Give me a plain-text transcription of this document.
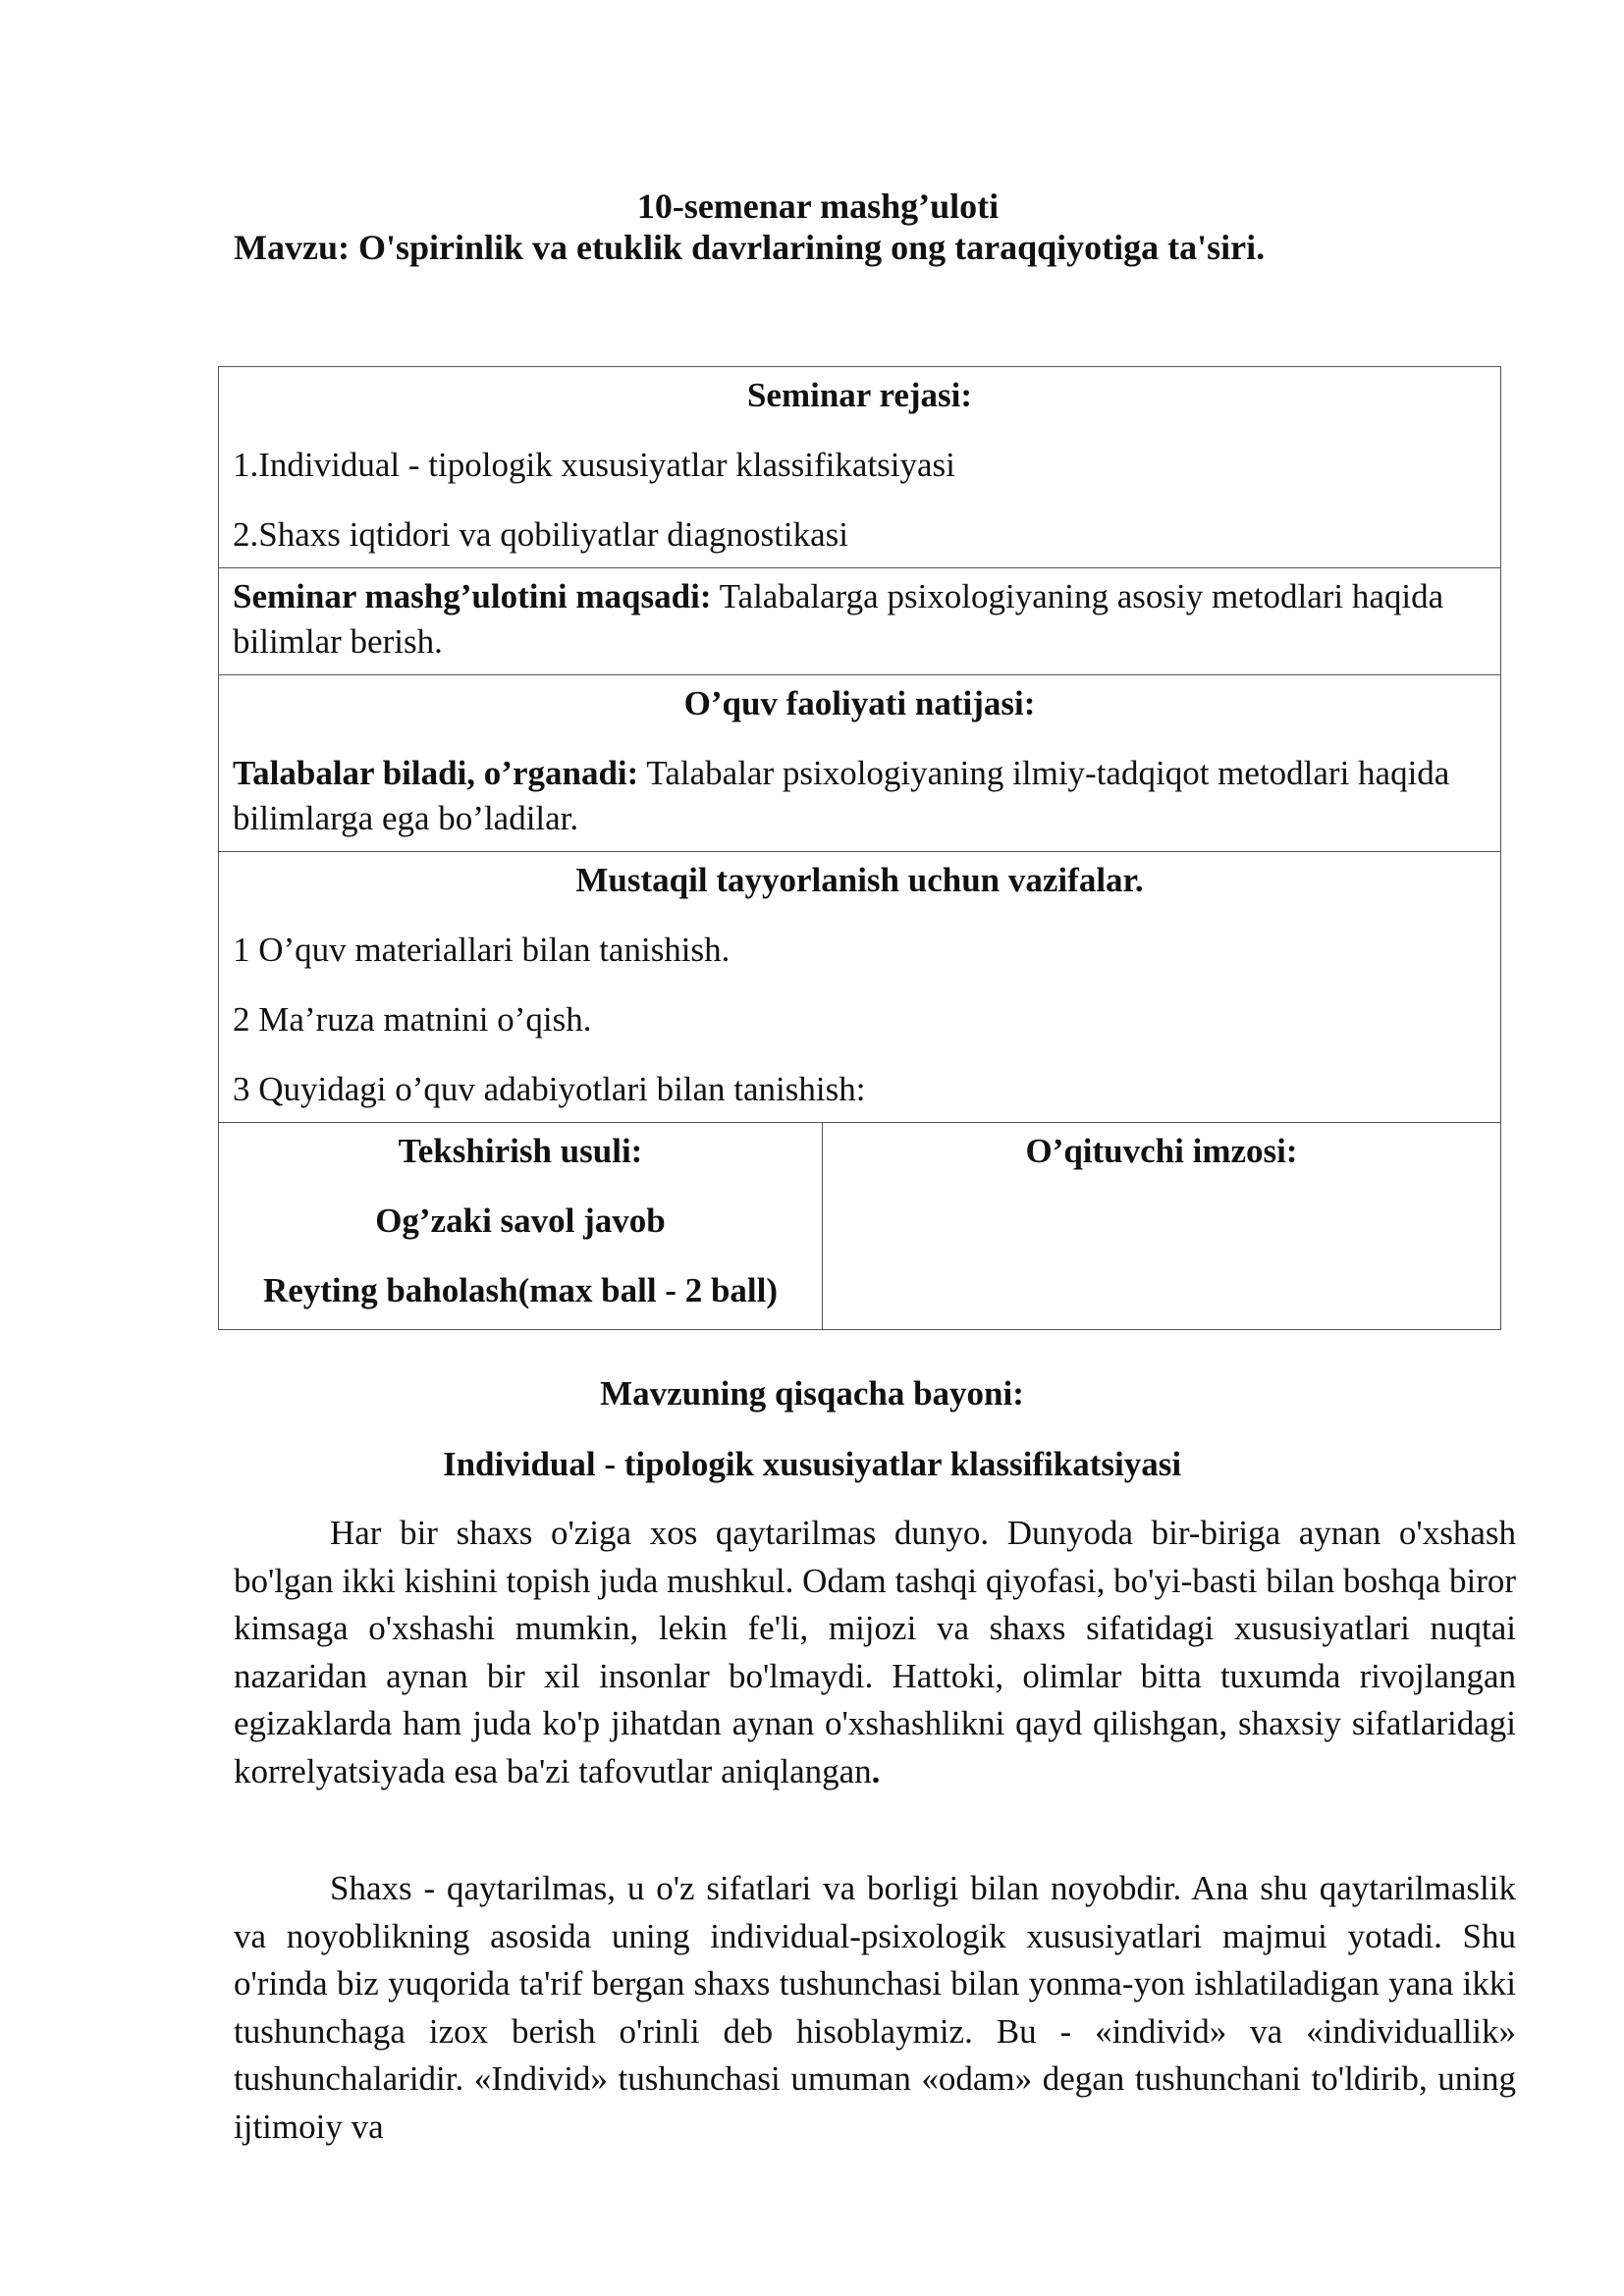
10-semenar mashg’uloti
Mavzu: O'spirinlik va etuklik davrlarining ong taraqqiyotiga ta'siri.
Seminar rejasi:
1.Individual - tipologik xususiyatlar klassifikatsiyasi
2.Shaxs iqtidori va qobiliyatlar diagnostikasi

Seminar mashg’ulotini maqsadi: Talabalarga psixologiyaning asosiy metodlari haqida bilimlar berish.

O’quv faoliyati natijasi:

Talabalar biladi, o’rganadi: Talabalar psixologiyaning ilmiy-tadqiqot metodlari haqida bilimlarga ega bo’ladilar.

Mustaqil tayyorlanish uchun vazifalar.
1 O’quv materiallari bilan tanishish.
2 Ma’ruza matnini o’qish.
3 Quyidagi o’quv adabiyotlari bilan tanishish:

Tekshirish usuli:
Og’zaki savol javob
Reyting baholash(max ball - 2 ball)

O’qituvchi imzosi:
Mavzuning qisqacha bayoni:
Individual - tipologik xususiyatlar klassifikatsiyasi

Har bir shaxs o'ziga xos qaytarilmas dunyo. Dunyoda bir-biriga aynan o'xshash bo'lgan ikki kishini topish juda mushkul. Odam tashqi qiyofasi, bo'yi-basti bilan boshqa biror kimsaga o'xshashi mumkin, lekin fe'li, mijozi va shaxs sifatidagi xususiyatlari nuqtai nazaridan aynan bir xil insonlar bo'lmaydi. Hattoki, olimlar bitta tuxumda rivojlangan egizaklarda ham juda ko'p jihatdan aynan o'xshashlikni qayd qilishgan, shaxsiy sifatlaridagi korrelyatsiyada esa ba'zi tafovutlar aniqlangan.

Shaxs - qaytarilmas, u o'z sifatlari va borligi bilan noyobdir. Ana shu qaytarilmaslik va noyoblikning asosida uning individual-psixologik xususiyatlari majmui yotadi. Shu o'rinda biz yuqorida ta'rif bergan shaxs tushunchasi bilan yonma-yon ishlatiladigan yana ikki tushunchaga izox berish o'rinli deb hisoblaymiz. Bu - «individ» va «individuallik» tushunchalaridir. «Individ» tushunchasi umuman «odam» degan tushunchani to'ldirib, uning ijtimoiy va
